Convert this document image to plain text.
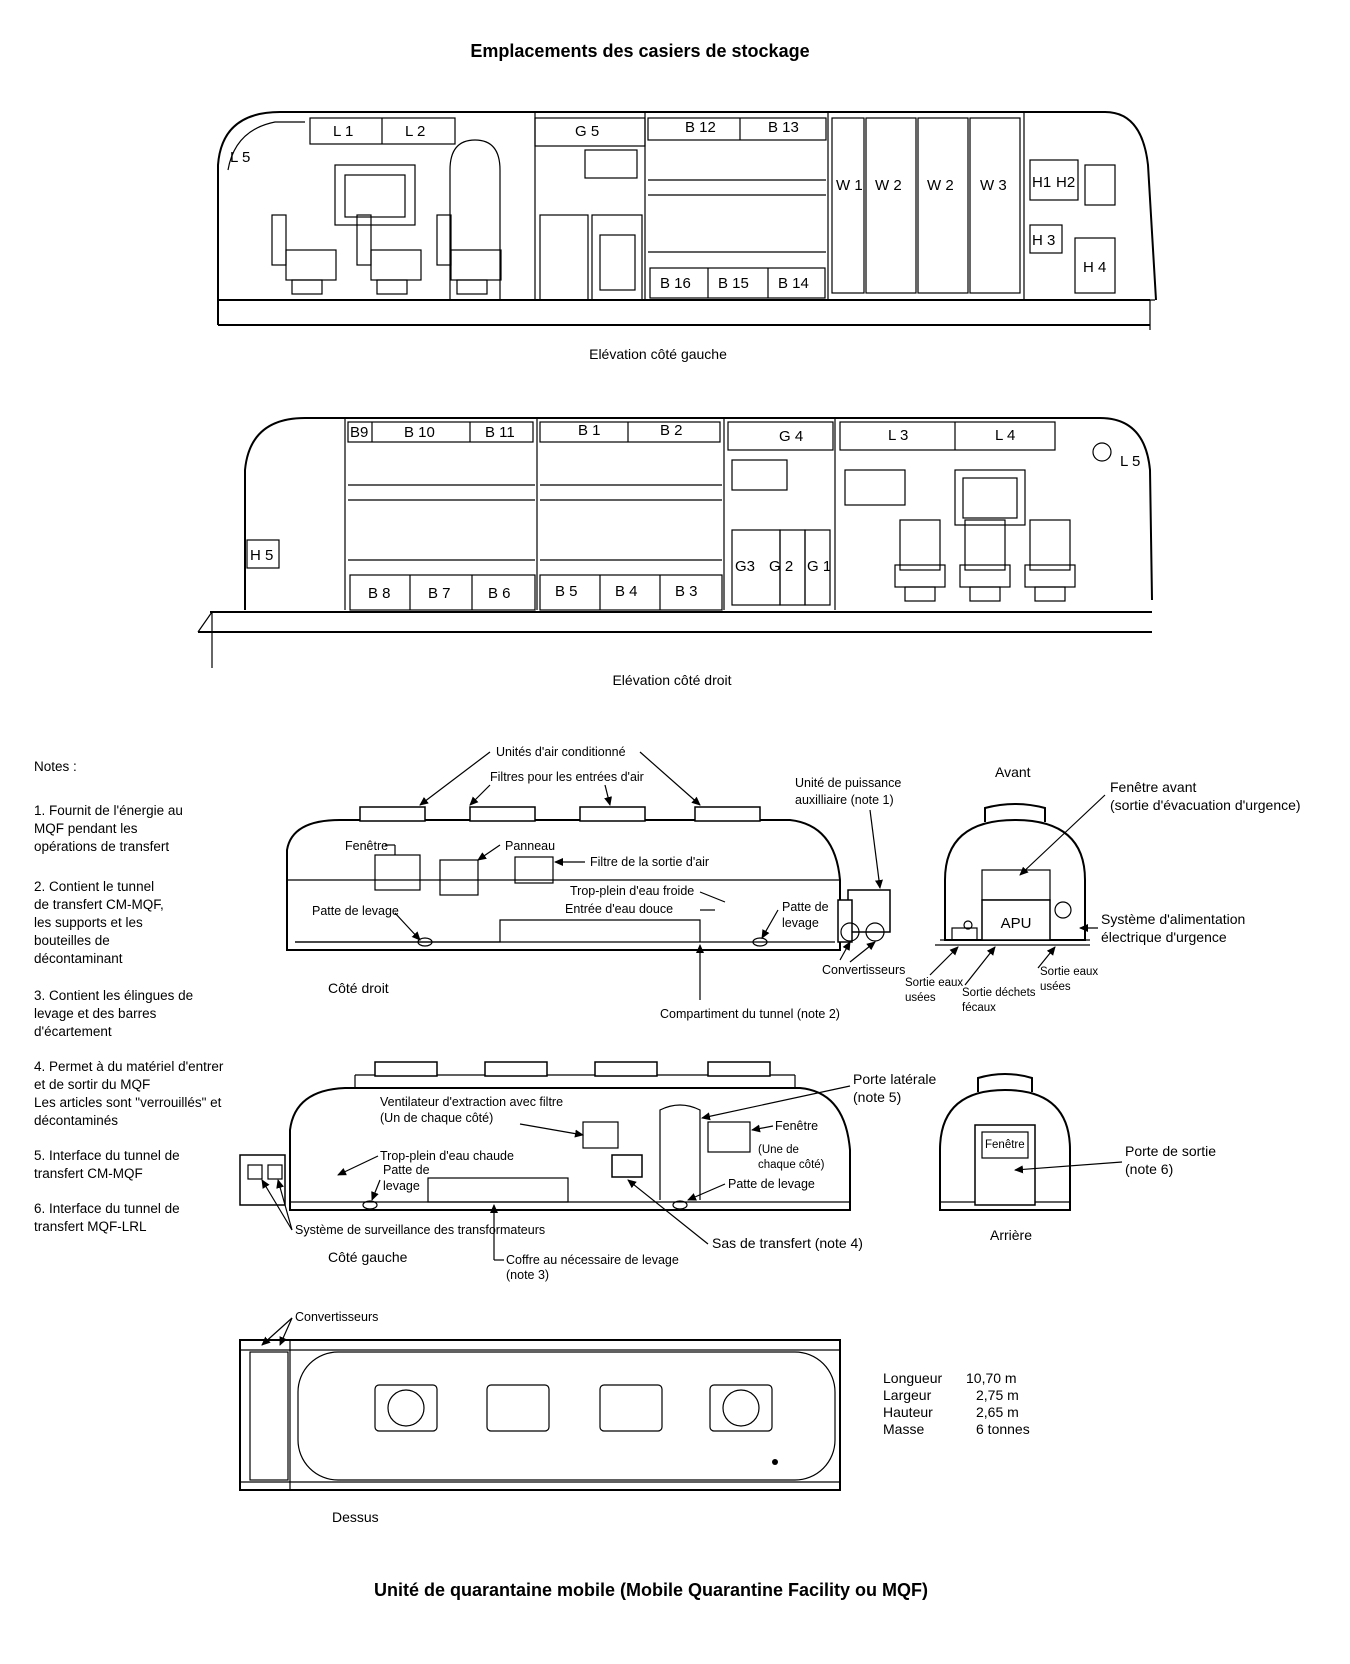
Emplacements des casiers de stockage
L 5
L 1	L 2	G 5	B 12	B 13
W 1 W 2 W 2 W 3 H1 H2
H 3
H 4
B 16 B 15 B 14
Elévation côté gauche
B9 B 10	B 11	B 1	B 2	G 4	L 3	L 4
L 5
H 5
B 8 B 7 B 6	B 5 B 4 B 3
G3 G 2 G 1
Elévation côté droit
Notes :
1. Fournit de l'énergie au
MQF pendant les
opérations de transfert
2. Contient le tunnel
de transfert CM-MQF,
les supports et les
bouteilles de
décontaminant
3. Contient les élingues de
levage et des barres
d'écartement
4. Permet à du matériel d'entrer
et de sortir du MQF
Les articles sont "verrouillés" et
décontaminés
5. Interface du tunnel de
transfert CM-MQF
6. Interface du tunnel de
transfert MQF-LRL
Unités d'air conditionné
Filtres pour les entrées d'air
Fenêtre	Panneau
Filtre de la sortie d'air
Trop-plein d'eau froide
Entrée d'eau douce
Patte de levage	Patte de
levage
Unité de puissance
auxilliaire (note 1)
Convertisseurs
Compartiment du tunnel (note 2)
Côté droit
APU
Avant
Fenêtre avant
(sortie d'évacuation d'urgence)
Système d'alimentation
électrique d'urgence
Sortie eaux
usées Sortie déchets
fécaux
Sortie eaux
usées
Ventilateur d'extraction avec filtre
(Un de chaque côté)
Porte latérale
(note 5)
Fenêtre
(Une de
chaque côté)
Trop-plein d'eau chaude
Patte de
levage	Patte de levage
Système de surveillance des transformateurs
Coffre au nécessaire de levage
(note 3)
Sas de transfert (note 4)
Côté gauche
Fenêtre
Arrière
Porte de sortie
(note 6)
Convertisseurs
Dessus
Longueur 10,70 m
Largeur	2,75 m
Hauteur	2,65 m
Masse	6 tonnes
Unité de quarantaine mobile (Mobile Quarantine Facility ou MQF)
